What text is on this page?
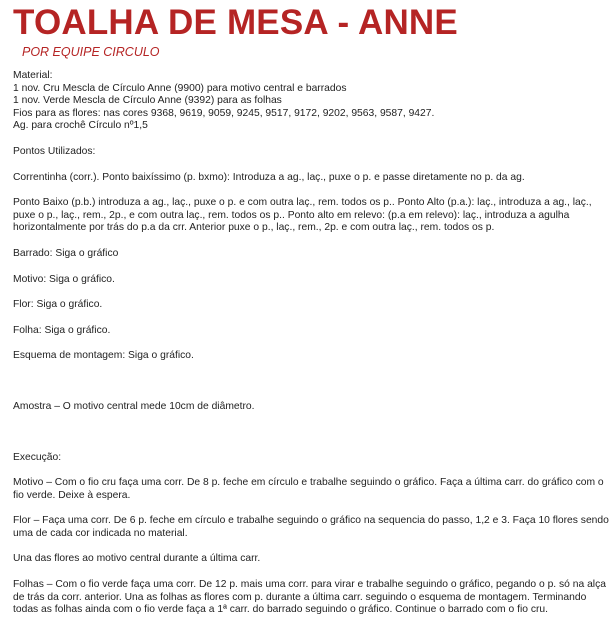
TOALHA DE MESA - ANNE
POR EQUIPE CIRCULO

Material:

1 nov. Cru Mescla de Círculo Anne (9900) para motivo central e barrados

1 nov. Verde Mescla de Círculo Anne (9392) para as folhas

Fios para as flores: nas cores 9368, 9619, 9059, 9245, 9517, 9172, 9202, 9563, 9587, 9427.

Ag. para crochê Círculo nº1,5

Pontos Utilizados:

Correntinha (corr.). Ponto baixíssimo (p. bxmo): Introduza a ag., laç., puxe o p. e passe diretamente no p. da ag.

Ponto Baixo (p.b.) introduza a ag., laç., puxe o p. e com outra laç., rem. todos os p.. Ponto Alto (p.a.): laç., introduza a ag., laç., puxe o p., laç., rem., 2p., e com outra laç., rem. todos os p.. Ponto alto em relevo: (p.a em relevo): laç., introduza a agulha horizontalmente por trás do p.a da crr. Anterior puxe o p., laç., rem., 2p. e com outra laç., rem. todos os p.

Barrado: Siga o gráfico

Motivo: Siga o gráfico.

Flor: Siga o gráfico.

Folha: Siga o gráfico.

Esquema de montagem: Siga o gráfico.

Amostra – O motivo central mede 10cm de diâmetro.

Execução:

Motivo – Com o fio cru faça uma corr. De 8 p. feche em círculo e trabalhe seguindo o gráfico. Faça a última carr. do gráfico com o fio verde. Deixe à espera.

Flor – Faça uma corr. De 6 p. feche em círculo e trabalhe seguindo o gráfico na sequencia do passo, 1,2 e 3. Faça 10 flores sendo uma de cada cor indicada no material.

Una das flores ao motivo central durante a última carr.

Folhas – Com o fio verde faça uma corr. De 12 p. mais uma corr. para virar e trabalhe seguindo o gráfico, pegando o p. só na alça de trás da corr. anterior. Una as folhas as flores com p. durante a última carr. seguindo o esquema de montagem. Terminando todas as folhas ainda com o fio verde faça a 1ª carr. do barrado seguindo o gráfico. Continue o barrado com o fio cru.
